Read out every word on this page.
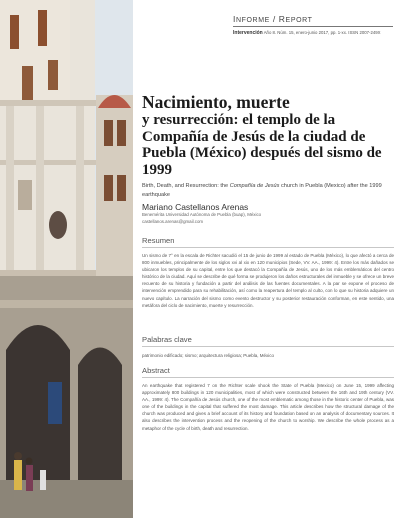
INFORME / REPORT
Intervención Año 8. Núm. 15, enero-junio 2017, pp. 1-xx. ISSN 2007-249X
Nacimiento, muerte
y resurrección: el templo de la Compañía de Jesús de la ciudad de Puebla (México) después del sismo de 1999
Birth, Death, and Resurrection: the Compañía de Jesús church in Puebla (Mexico) after the 1999 earthquake
Mariano Castellanos Arenas
Benemérita Universidad Autónoma de Puebla (buap), México
castellanos.arenas@gmail.com
Resumen
Un sismo de 7° en la escala de Richter sacudió el 15 de junio de 1999 al estado de Puebla (México), lo que afectó a cerca de 800 inmuebles, principalmente de los siglos xvi al xix en 120 municipios (Sede, VV. AA., 1999: 4). Entre los más dañados se ubicaron los templos de su capital, entre los que destacó la Compañía de Jesús, uno de los más emblemáticos del centro histórico de la ciudad. Aquí se describe de qué forma se produjeron los daños estructurales del inmueble y se ofrece un breve recuento de su historia y fundación a partir del análisis de las fuentes documentales. A la par se expone el proceso de intervención emprendido para su rehabilitación, así como la reapertura del templo al culto, con lo que su historia adquiere un nuevo capítulo. La narración del sismo como evento destructor y su posterior restauración conforman, en este sentido, una metáfora del ciclo de nacimiento, muerte y resurrección.
Palabras clave
patrimonio edificado; sismo; arquitectura religiosa; Puebla, México
Abstract
An earthquake that registered 7 on the Richter scale shook the State of Puebla (Mexico) on June 15, 1999 affecting approximately 800 buildings in 120 municipalities, most of which were constructed between the 16th and 19th century (VV. AA., 1999: 4). The Compañía de Jesús church, one of the most emblematic among those in the historic center of Puebla, was one of the buildings in the capital that suffered the most damage. This article describes how the structural damage of the church was produced and gives a brief account of its history and foundation based on an analysis of documentary sources. It also describes the intervention process and the reopening of the church to worship. We describe the whole process as a metaphor of the cycle of birth, death and resurrection.
